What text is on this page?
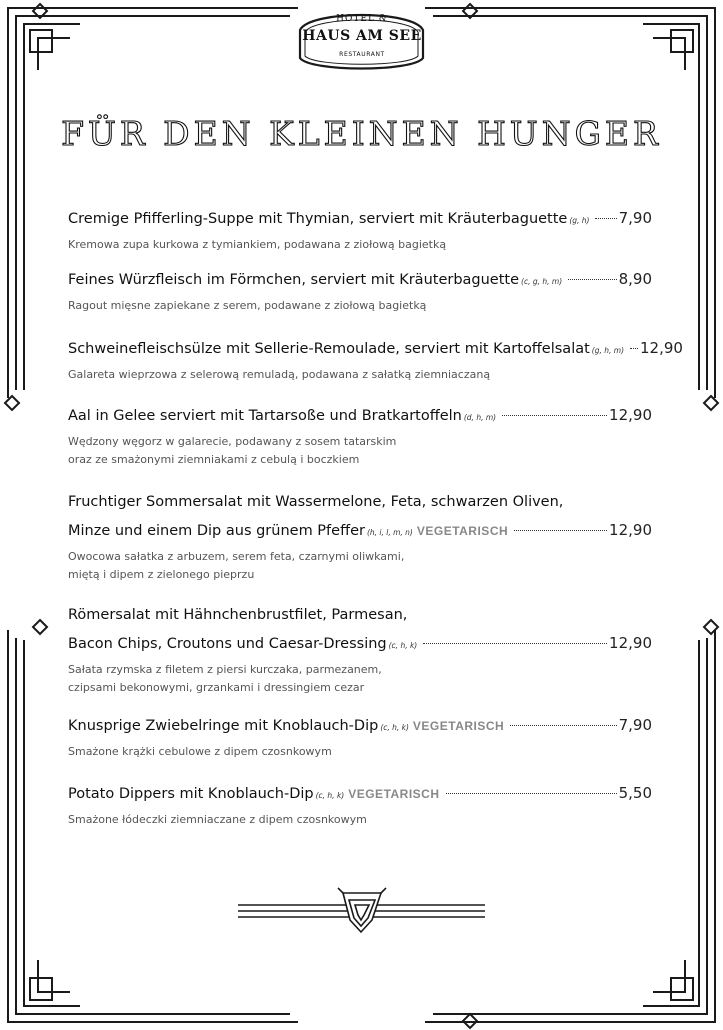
HOTEL &
HAUS AM SEE
RESTAURANT
FÜR DEN KLEINEN HUNGER
Cremige Pfifferling-Suppe mit Thymian, serviert mit Kräuterbaguette (g, h) 7,90
Kremowa zupa kurkowa z tymiankiem, podawana z ziołową bagietką
Feines Würzfleisch im Förmchen, serviert mit Kräuterbaguette (c, g, h, m)	8,90
Ragout mięsne zapiekane z serem, podawane z ziołową bagietką
Schweinefleischsülze mit Sellerie-Remoulade, serviert mit Kartoffelsalat (g, h, m) 12,90
Galareta wieprzowa z selerową remuladą, podawana z sałatką ziemniaczaną
Aal in Gelee serviert mit Tartarsoße und Bratkartoffeln (d, h, m)	12,90
Wędzony węgorz w galarecie, podawany z sosem tatarskim
oraz ze smażonymi ziemniakami z cebulą i boczkiem
Fruchtiger Sommersalat mit Wassermelone, Feta, schwarzen Oliven,
Minze und einem Dip aus grünem Pfeffer (h, i, l, m, n) VEGETARISCH	12,90
Owocowa sałatka z arbuzem, serem feta, czarnymi oliwkami,
miętą i dipem z zielonego pieprzu
Römersalat mit Hähnchenbrustfilet, Parmesan,
Bacon Chips, Croutons und Caesar-Dressing (c, h, k)	12,90
Sałata rzymska z filetem z piersi kurczaka, parmezanem,
czipsami bekonowymi, grzankami i dressingiem cezar
Knusprige Zwiebelringe mit Knoblauch-Dip (c, h, k) VEGETARISCH	7,90
Smażone krążki cebulowe z dipem czosnkowym
Potato Dippers mit Knoblauch-Dip (c, h, k) VEGETARISCH	5,50
Smażone łódeczki ziemniaczane z dipem czosnkowym
